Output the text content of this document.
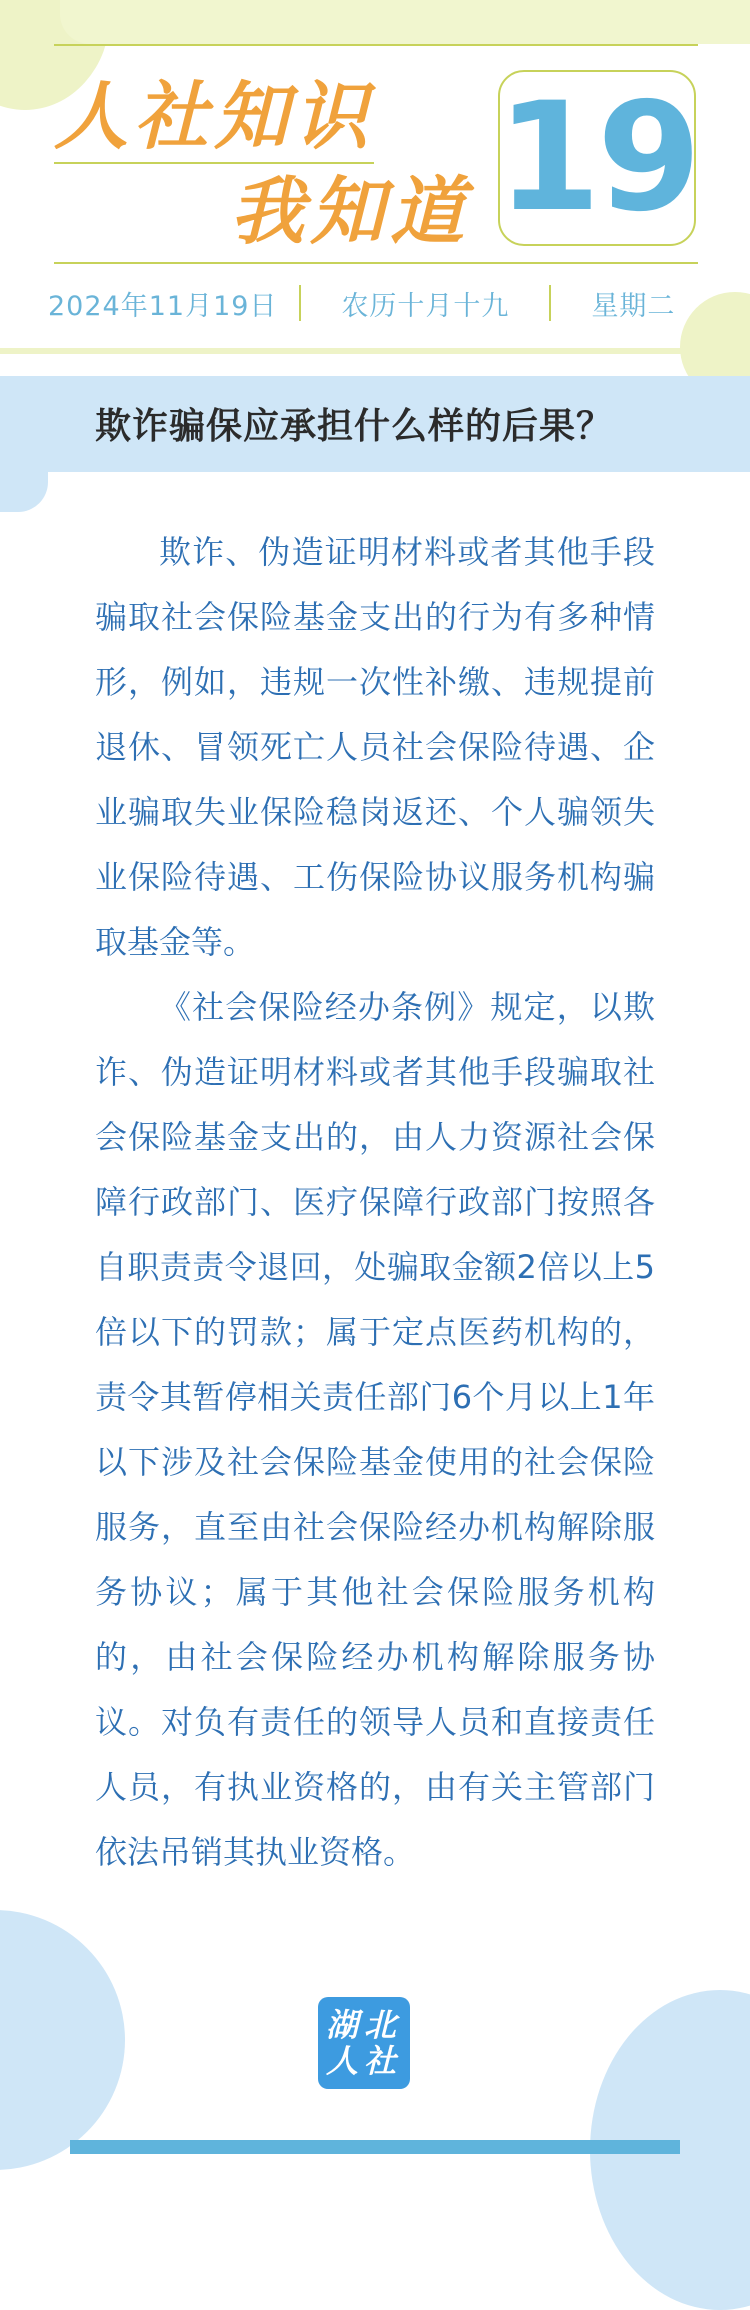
人社知识
我知道 19
2024年11月19日 农历十月十九	星期二
欺诈骗保应承担什么样的后果？

欺诈、伪造证明材料或者其他手段骗取社会保险基金支出的行为有多种情形，例如，违规一次性补缴、违规提前退休、冒领死亡人员社会保险待遇、企业骗取失业保险稳岗返还、个人骗领失业保险待遇、工伤保险协议服务机构骗取基金等。

《社会保险经办条例》规定，以欺诈、伪造证明材料或者其他手段骗取社会保险基金支出的，由人力资源社会保障行政部门、医疗保障行政部门按照各自职责责令退回，处骗取金额2倍以上5倍以下的罚款；属于定点医药机构的，责令其暂停相关责任部门6个月以上1年以下涉及社会保险基金使用的社会保险服务，直至由社会保险经办机构解除服务协议；属于其他社会保险服务机构的，由社会保险经办机构解除服务协议。对负有责任的领导人员和直接责任人员，有执业资格的，由有关主管部门依法吊销其执业资格。

湖北
人社
